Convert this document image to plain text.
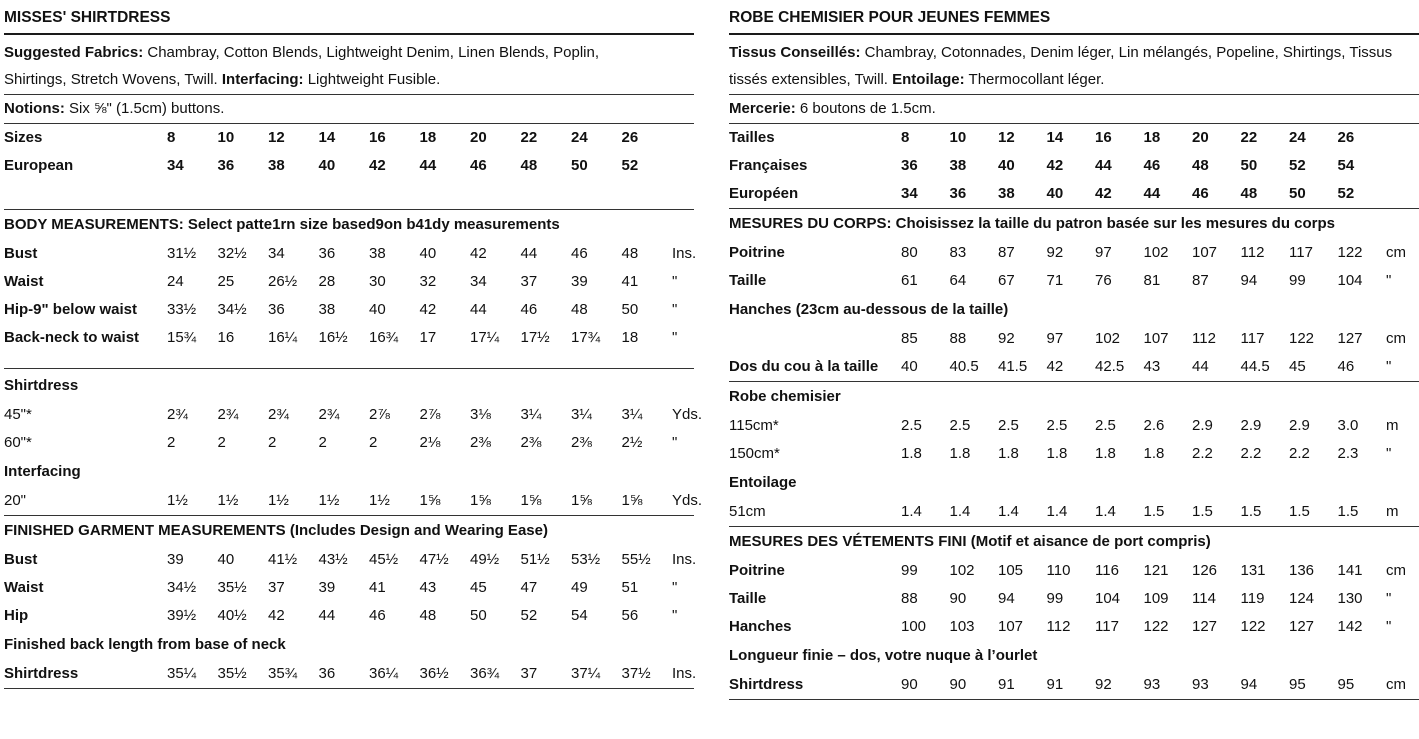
MISSES' SHIRTDRESS
Suggested Fabrics: Chambray, Cotton Blends, Lightweight Denim, Linen Blends, Poplin,
Shirtings, Stretch Wovens, Twill. Interfacing: Lightweight Fusible.
Notions: Six ⅝" (1.5cm) buttons.
Sizes	8	10 12 14 16 18 20 22 24 26
European	34 36 38 40 42 44 46 48 50 52
BODY MEASUREMENTS: Select patte1rn size based9on b41dy measurements
Bust	31½ 32½ 34 36 38 40 42 44 46 48 Ins.
Waist	24 25 26½ 28 30 32 34 37 39 41 "
Hip-9" below waist 33½ 34½ 36 38 40 42 44 46 48 50 "
Back-neck to waist 15¾ 16 16¼ 16½ 16¾ 17 17¼ 17½ 17¾ 18 "
Shirtdress
45"*	2¾ 2¾ 2¾ 2¾ 2⅞ 2⅞ 3⅛ 3¼ 3¼ 3¼ Yds.
60"*	2	2	2	2	2	2⅛ 2⅜ 2⅜ 2⅜ 2½ "
Interfacing
20"	1½ 1½ 1½ 1½ 1½ 1⅝ 1⅝ 1⅝ 1⅝ 1⅝ Yds.
FINISHED GARMENT MEASUREMENTS (Includes Design and Wearing Ease)
Bust	39 40 41½ 43½ 45½ 47½ 49½ 51½ 53½ 55½ Ins.
Waist	34½ 35½ 37 39 41 43 45 47 49 51 "
Hip	39½ 40½ 42 44 46 48 50 52 54 56 "
Finished back length from base of neck
Shirtdress	35¼ 35½ 35¾ 36 36¼ 36½ 36¾ 37 37¼ 37½ Ins.
ROBE CHEMISIER POUR JEUNES FEMMES
Tissus Conseillés: Chambray, Cotonnades, Denim léger, Lin mélangés, Popeline, Shirtings, Tissus
tissés extensibles, Twill. Entoilage: Thermocollant léger.
Mercerie: 6 boutons de 1.5cm.
Tailles	8	10 12 14 16 18 20 22 24 26
Françaises	36 38 40 42 44 46 48 50 52 54
Européen	34 36 38 40 42 44 46 48 50 52
MESURES DU CORPS: Choisissez la taille du patron basée sur les mesures du corps
Poitrine	80 83 87 92 97 102 107 112 117 122 cm
Taille	61 64 67 71 76 81 87 94 99 104 "
Hanches (23cm au-dessous de la taille)
85 88 92 97 102 107 112 117 122 127 cm
Dos du cou à la taille 40 40.5 41.5 42 42.5 43 44 44.5 45 46 "
Robe chemisier
115cm*	2.5 2.5 2.5 2.5 2.5 2.6 2.9 2.9 2.9 3.0 m
150cm*	1.8 1.8 1.8 1.8 1.8 1.8 2.2 2.2 2.2 2.3 "
Entoilage
51cm	1.4 1.4 1.4 1.4 1.4 1.5 1.5 1.5 1.5 1.5 m
MESURES DES VÉTEMENTS FINI (Motif et aisance de port compris)
Poitrine	99 102 105 110 116 121 126 131 136 141 cm
Taille	88 90 94 99 104 109 114 119 124 130 "
Hanches	100 103 107 112 117 122 127 122 127 142 "
Longueur finie – dos, votre nuque à l’ourlet
Shirtdress	90 90 91 91 92 93 93 94 95 95 cm
